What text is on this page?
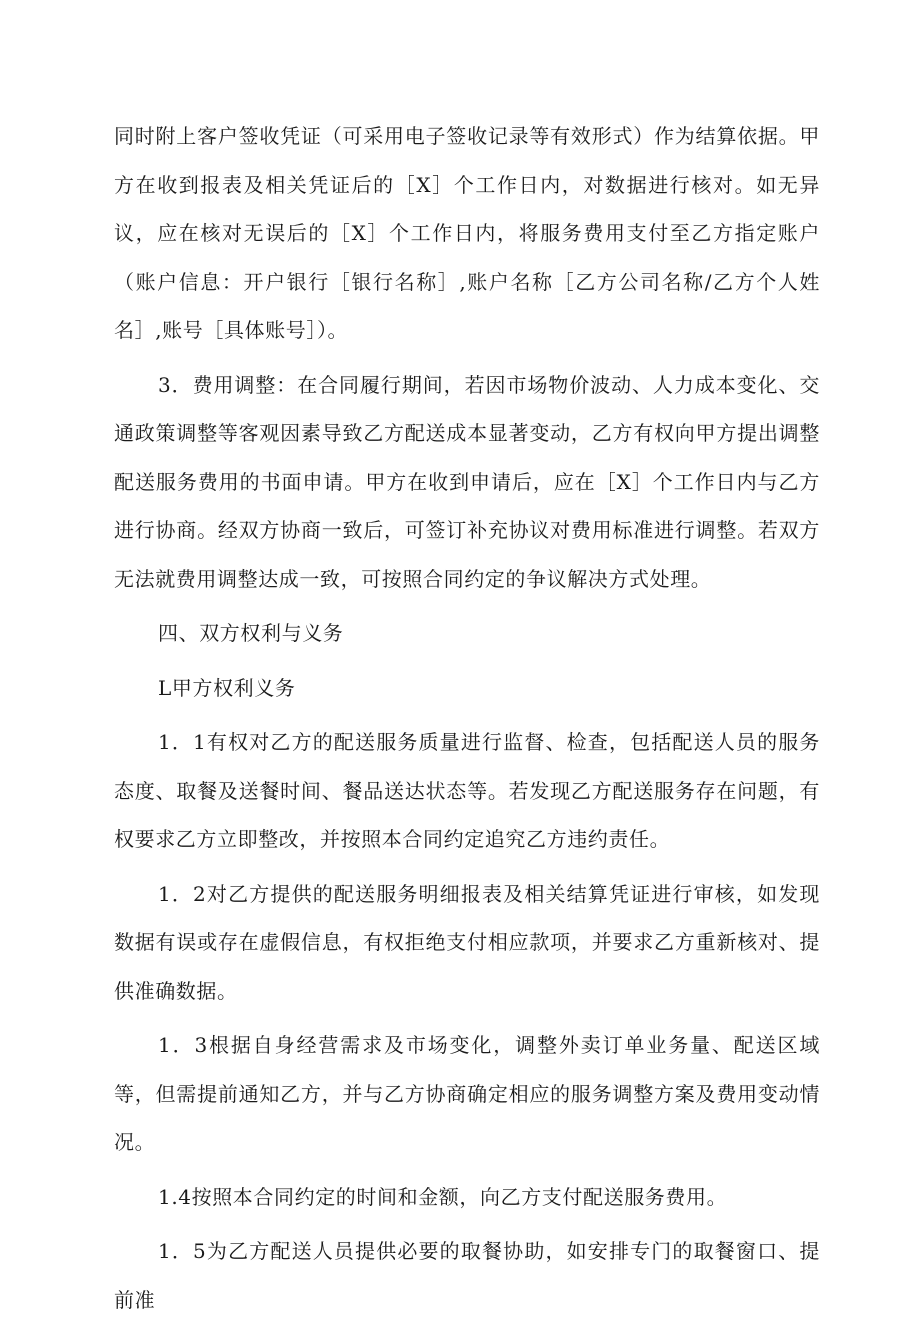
同时附上客户签收凭证（可采用电子签收记录等有效形式）作为结算依据。甲方在收到报表及相关凭证后的［X］个工作日内，对数据进行核对。如无异议，应在核对无误后的［X］个工作日内，将服务费用支付至乙方指定账户（账户信息：开户银行［银行名称］,账户名称［乙方公司名称/乙方个人姓名］,账号［具体账号］）。

3．费用调整：在合同履行期间，若因市场物价波动、人力成本变化、交通政策调整等客观因素导致乙方配送成本显著变动，乙方有权向甲方提出调整配送服务费用的书面申请。甲方在收到申请后，应在［X］个工作日内与乙方进行协商。经双方协商一致后，可签订补充协议对费用标准进行调整。若双方无法就费用调整达成一致，可按照合同约定的争议解决方式处理。

四、双方权利与义务

L甲方权利义务

1．1有权对乙方的配送服务质量进行监督、检查，包括配送人员的服务态度、取餐及送餐时间、餐品送达状态等。若发现乙方配送服务存在问题，有权要求乙方立即整改，并按照本合同约定追究乙方违约责任。

1．2对乙方提供的配送服务明细报表及相关结算凭证进行审核，如发现数据有误或存在虚假信息，有权拒绝支付相应款项，并要求乙方重新核对、提供准确数据。

1．3根据自身经营需求及市场变化，调整外卖订单业务量、配送区域等，但需提前通知乙方，并与乙方协商确定相应的服务调整方案及费用变动情况。

1.4按照本合同约定的时间和金额，向乙方支付配送服务费用。

1．5为乙方配送人员提供必要的取餐协助，如安排专门的取餐窗口、提前准
